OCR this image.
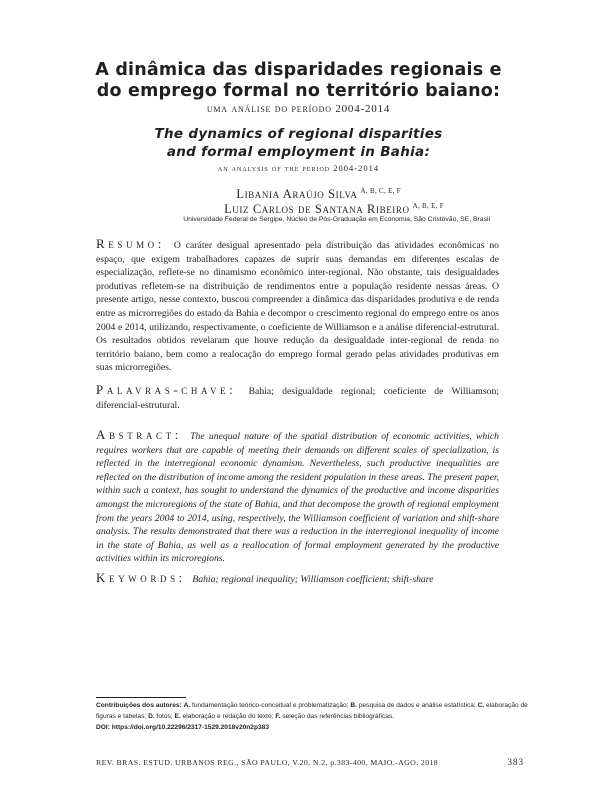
A dinâmica das disparidades regionais e
do emprego formal no território baiano:
uma análise do período 2004-2014
The dynamics of regional disparities
and formal employment in Bahia:
an analysis of the period 2004-2014
Libania Araújo Silva $^{A, B, C, E, F}$
Luiz Carlos de Santana Ribeiro $^{A, B, E, F}$
Universidade Federal de Sergipe, Núcleo de Pós-Graduação em Economia, São Cristóvão, SE, Brasil
Resumo: O caráter desigual apresentado pela distribuição das atividades econômicas no espaço, que exigem trabalhadores capazes de suprir suas demandas em diferentes escalas de especialização, reflete-se no dinamismo econômico inter-regional. Não obstante, tais desigualdades produtivas refletem-se na distribuição de rendimentos entre a população residente nessas áreas. O presente artigo, nesse contexto, buscou compreender a dinâmica das disparidades produtiva e de renda entre as microrregiões do estado da Bahia e decompor o crescimento regional do emprego entre os anos 2004 e 2014, utilizando, respectivamente, o coeficiente de Williamson e a análise diferencial-estrutural. Os resultados obtidos revelaram que houve redução da desigualdade inter-regional de renda no território baiano, bem como a realocação do emprego formal gerado pelas atividades produtivas em suas microrregiões.
Palavras-chave: Bahia; desigualdade regional; coeficiente de Williamson; diferencial-estrutural.
Abstract: The unequal nature of the spatial distribution of economic activities, which requires workers that are capable of meeting their demands on different scales of specialization, is reflected in the interregional economic dynamism. Nevertheless, such productive inequalities are reflected on the distribution of income among the resident population in these areas. The present paper, within such a context, has sought to understand the dynamics of the productive and income disparities amongst the microregions of the state of Bahia, and that decompose the growth of regional employment from the years 2004 to 2014, using, respectively, the Williamson coefficient of variation and shift-share analysis. The results demonstrated that there was a reduction in the interregional inequality of income in the state of Bahia, as well as a reallocation of formal employment generated by the productive activities within its microregions.
Keywords: Bahia; regional inequality; Williamson coefficient; shift-share
Contribuições dos autores: A. fundamentação teórico-conceitual e problematização; B. pesquisa de dados e análise estatística; C. elaboração de figuras e tabelas; D. fotos; E. elaboração e redação do texto; F. seleção das referências bibliográficas.
DOI: https://doi.org/10.22296/2317-1529.2018v20n2p383
REV. BRAS. ESTUD. URBANOS REG., SÃO PAULO, V.20, N.2, p.383-400, MAIO.-AGO. 2018	383
